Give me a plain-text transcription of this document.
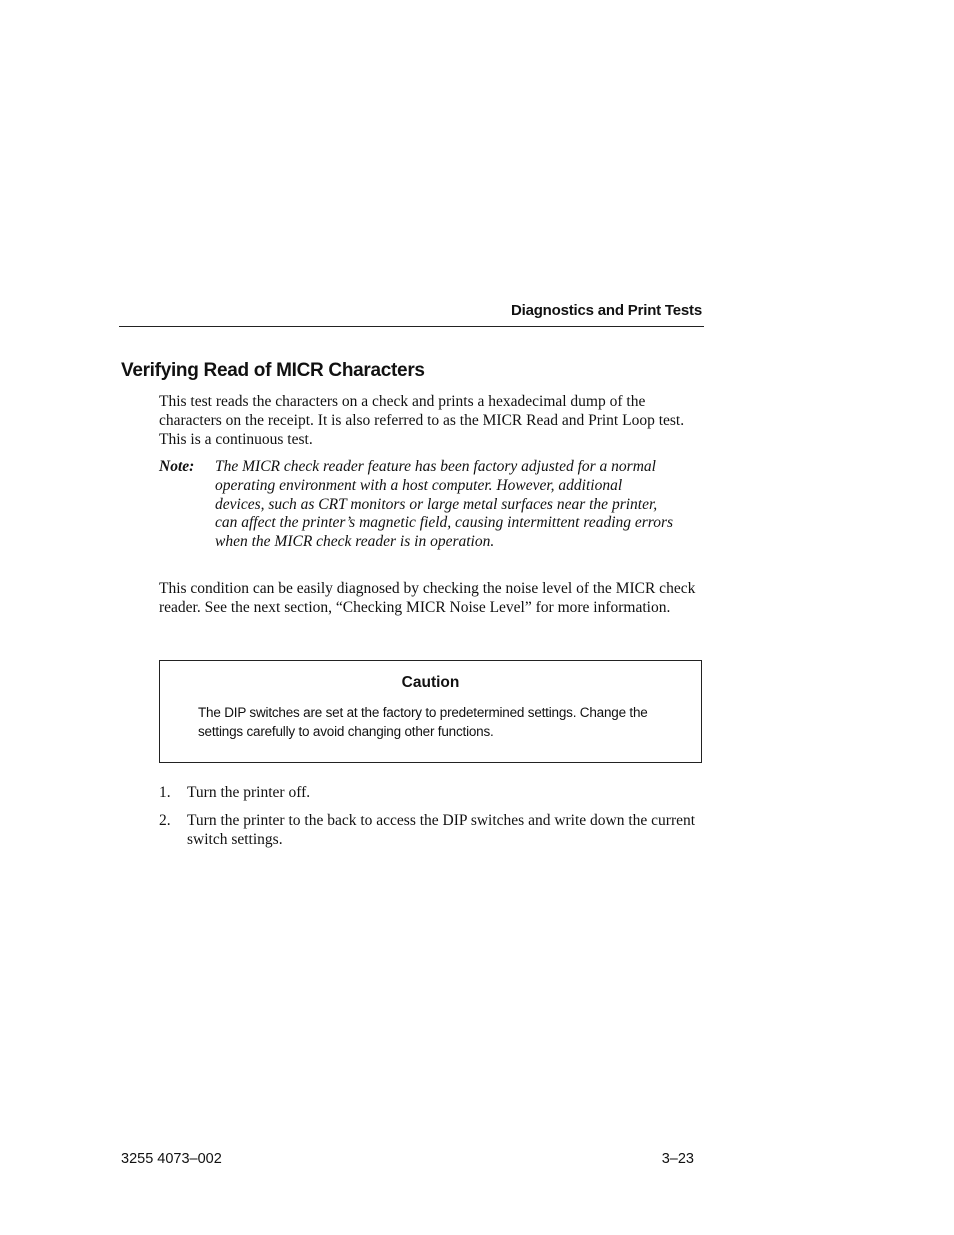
Diagnostics and Print Tests
Verifying Read of MICR Characters

This test reads the characters on a check and prints a hexadecimal dump of the characters on the receipt. It is also referred to as the MICR Read and Print Loop test. This is a continuous test.

Note:	The MICR check reader feature has been factory adjusted for a normal operating environment with a host computer. However, additional devices, such as CRT monitors or large metal surfaces near the printer, can affect the printer’s magnetic field, causing intermittent reading errors when the MICR check reader is in operation.

This condition can be easily diagnosed by checking the noise level of the MICR check reader. See the next section, “Checking MICR Noise Level” for more information.

Caution
The DIP switches are set at the factory to predetermined settings. Change the settings carefully to avoid changing other functions.
1.	Turn the printer off.
2.	Turn the printer to the back to access the DIP switches and write down the current switch settings.
3255 4073–002	3–23
